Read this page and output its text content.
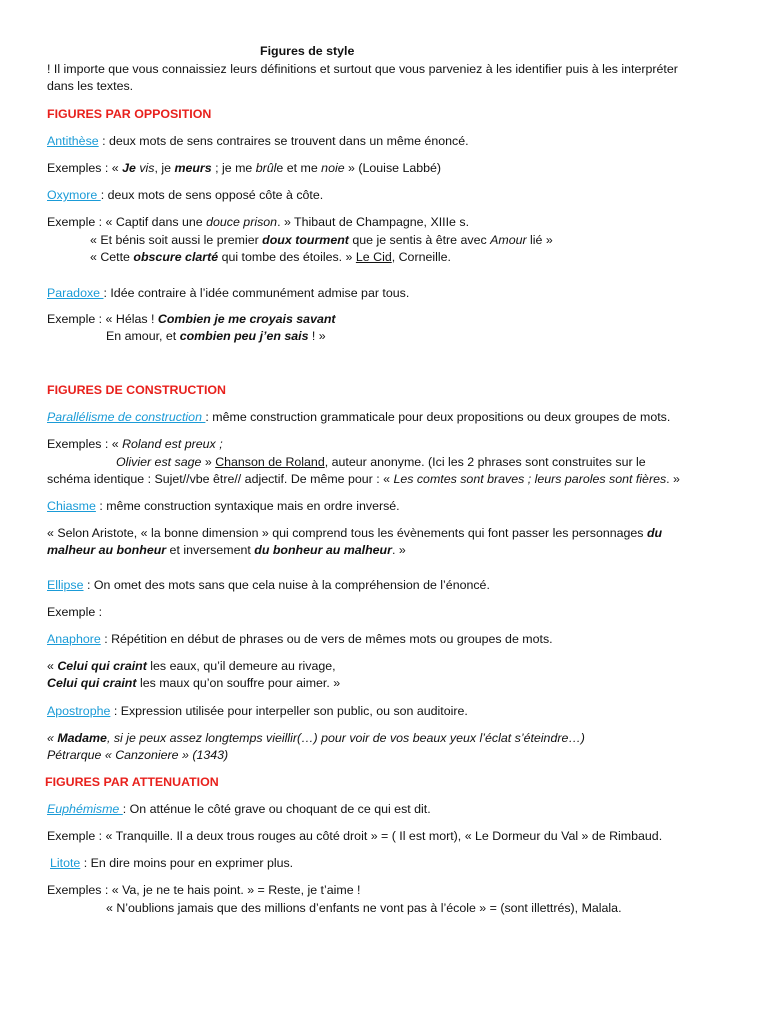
Figures de style
! Il importe que vous connaissiez leurs définitions et surtout que vous parveniez à les identifier puis à les interpréter
dans les textes.
FIGURES PAR OPPOSITION
Antithèse : deux mots de sens contraires se trouvent dans un même énoncé.
Exemples : « Je vis, je meurs ; je me brûle et me noie » (Louise Labbé)
Oxymore : deux mots de sens opposé côte à côte.
Exemple : « Captif dans une douce prison. » Thibaut de Champagne, XIIIe s.
« Et bénis soit aussi le premier doux tourment que je sentis à être avec Amour lié »
« Cette obscure clarté qui tombe des étoiles. » Le Cid, Corneille.
Paradoxe : Idée contraire à l’idée communément admise par tous.
Exemple : « Hélas ! Combien je me croyais savant
En amour, et combien peu j’en sais ! »
FIGURES DE CONSTRUCTION
Parallélisme de construction : même construction grammaticale pour deux propositions ou deux groupes de mots.
Exemples : « Roland est preux ;
Olivier est sage » Chanson de Roland, auteur anonyme. (Ici les 2 phrases sont construites sur le
schéma identique : Sujet//vbe être// adjectif. De même pour : « Les comtes sont braves ; leurs paroles sont fières. »
Chiasme : même construction syntaxique mais en ordre inversé.
« Selon Aristote, « la bonne dimension » qui comprend tous les évènements qui font passer les personnages du
malheur au bonheur et inversement du bonheur au malheur. »
Ellipse : On omet des mots sans que cela nuise à la compréhension de l’énoncé.
Exemple :
Anaphore : Répétition en début de phrases ou de vers de mêmes mots ou groupes de mots.
« Celui qui craint les eaux, qu’il demeure au rivage,
Celui qui craint les maux qu’on souffre pour aimer. »
Apostrophe : Expression utilisée pour interpeller son public, ou son auditoire.
« Madame, si je peux assez longtemps vieillir(…) pour voir de vos beaux yeux l’éclat s’éteindre…)
Pétrarque « Canzoniere » (1343)
FIGURES PAR ATTENUATION
Euphémisme : On atténue le côté grave ou choquant de ce qui est dit.
Exemple : « Tranquille. Il a deux trous rouges au côté droit » = ( Il est mort), « Le Dormeur du Val » de Rimbaud.
Litote : En dire moins pour en exprimer plus.
Exemples : « Va, je ne te hais point. » = Reste, je t’aime !
« N’oublions jamais que des millions d’enfants ne vont pas à l’école » = (sont illettrés), Malala.
